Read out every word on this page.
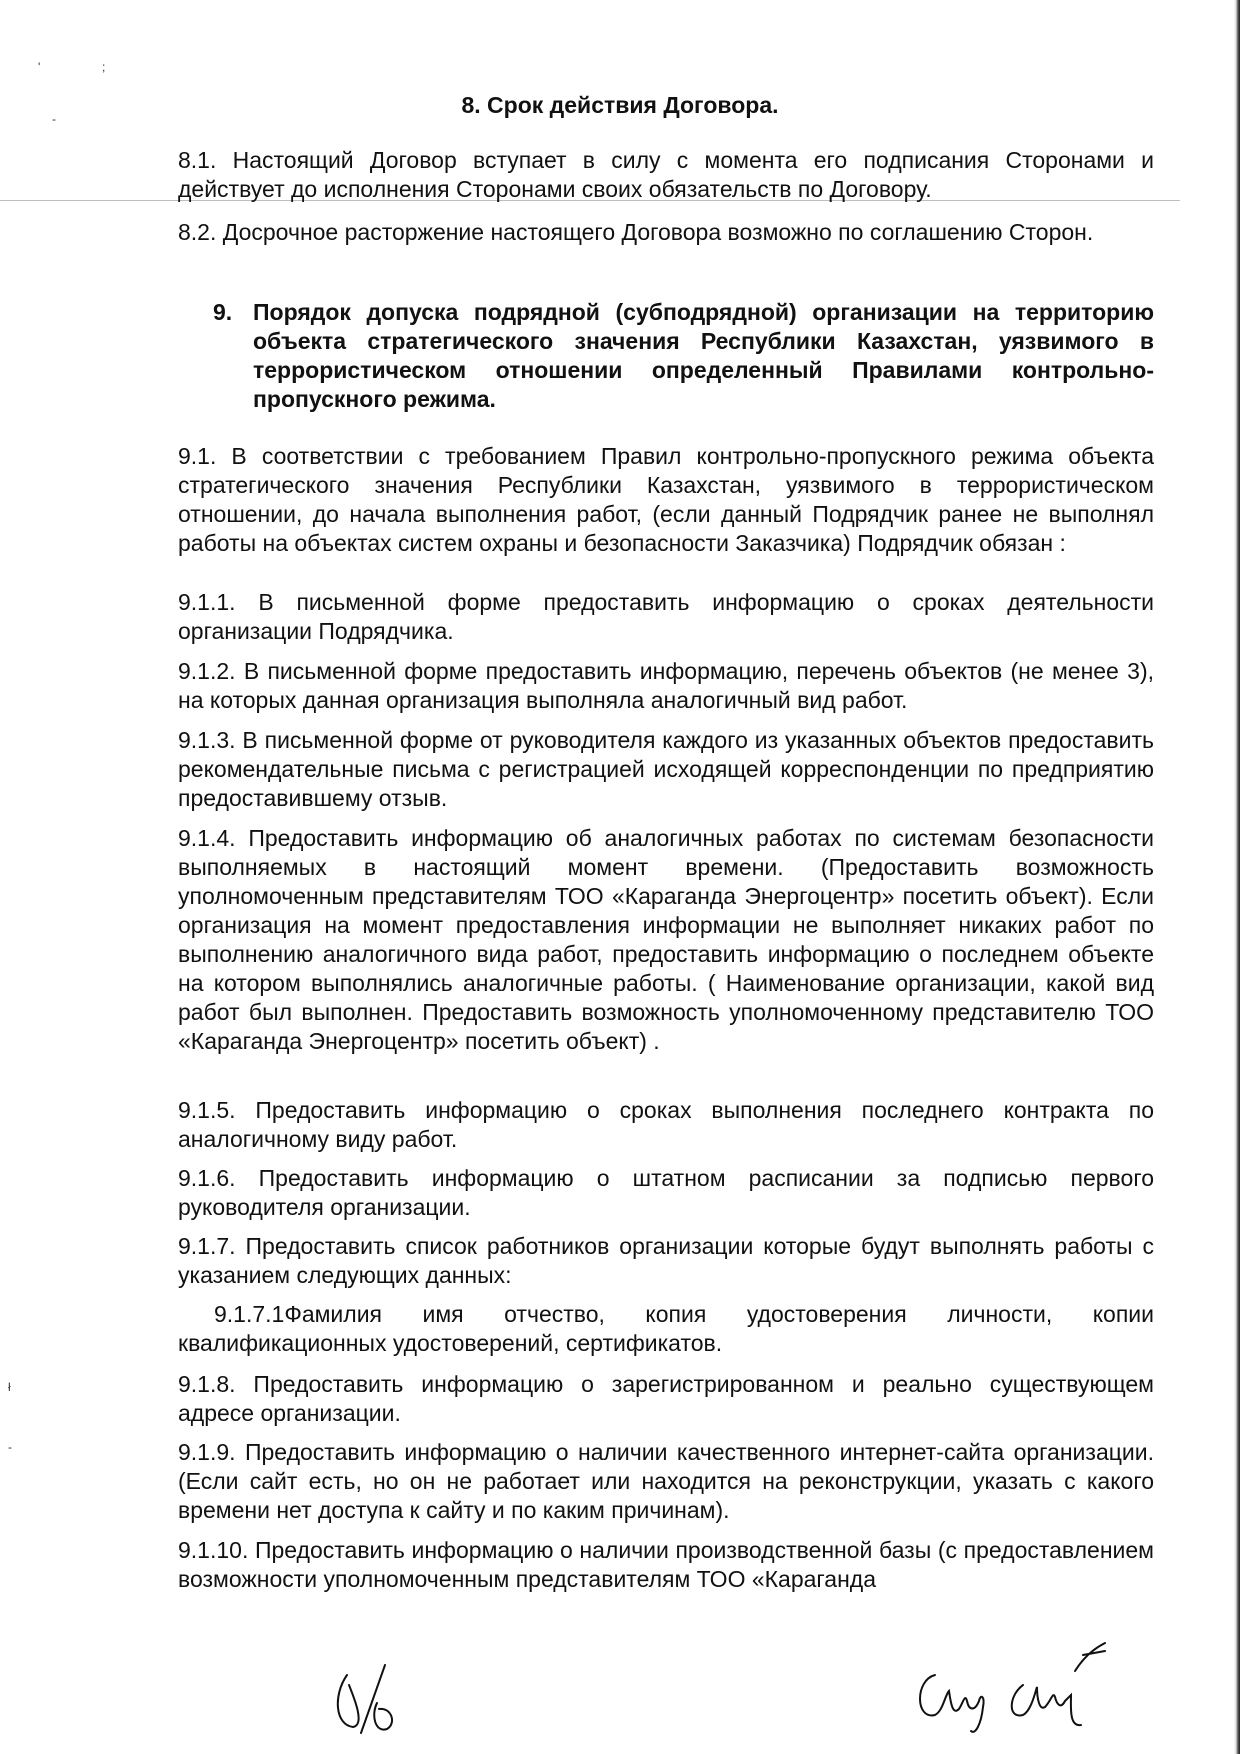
'	;
-
ł
-
8. Срок действия Договора.
8.1. Настоящий Договор вступает в силу с момента его подписания Сторонами и действует до исполнения Сторонами своих обязательств по Договору.
8.2. Досрочное расторжение настоящего Договора возможно по соглашению Сторон.
9. Порядок допуска подрядной (субподрядной) организации на территорию объекта стратегического значения Республики Казахстан, уязвимого в террористическом отношении определенный Правилами контрольно-пропускного режима.
9.1. В соответствии с требованием Правил контрольно-пропускного режима объекта стратегического значения Республики Казахстан, уязвимого в террористическом отношении, до начала выполнения работ, (если данный Подрядчик ранее не выполнял работы на объектах систем охраны и безопасности Заказчика) Подрядчик обязан :
9.1.1. В письменной форме предоставить информацию о сроках деятельности организации Подрядчика.
9.1.2. В письменной форме предоставить информацию, перечень объектов (не менее 3), на которых данная организация выполняла аналогичный вид работ.
9.1.3. В письменной форме от руководителя каждого из указанных объектов предоставить рекомендательные письма с регистрацией исходящей корреспонденции по предприятию предоставившему отзыв.
9.1.4. Предоставить информацию об аналогичных работах по системам безопасности выполняемых в настоящий момент времени. (Предоставить возможность уполномоченным представителям ТОО «Караганда Энергоцентр» посетить объект). Если организация на момент предоставления информации не выполняет никаких работ по выполнению аналогичного вида работ, предоставить информацию о последнем объекте на котором выполнялись аналогичные работы. ( Наименование организации, какой вид работ был выполнен. Предоставить возможность уполномоченному представителю ТОО «Караганда Энергоцентр» посетить объект) .
9.1.5. Предоставить информацию о сроках выполнения последнего контракта по аналогичному виду работ.
9.1.6. Предоставить информацию о штатном расписании за подписью первого руководителя организации.
9.1.7. Предоставить список работников организации которые будут выполнять работы с указанием следующих данных:
9.1.7.1Фамилия имя отчество, копия удостоверения личности, копии квалификационных удостоверений, сертификатов.
9.1.8. Предоставить информацию о зарегистрированном и реально существующем адресе организации.
9.1.9. Предоставить информацию о наличии качественного интернет-сайта организации. (Если сайт есть, но он не работает или находится на реконструкции, указать с какого времени нет доступа к сайту и по каким причинам).
9.1.10. Предоставить информацию о наличии производственной базы (с предоставлением возможности уполномоченным представителям ТОО «Караганда
